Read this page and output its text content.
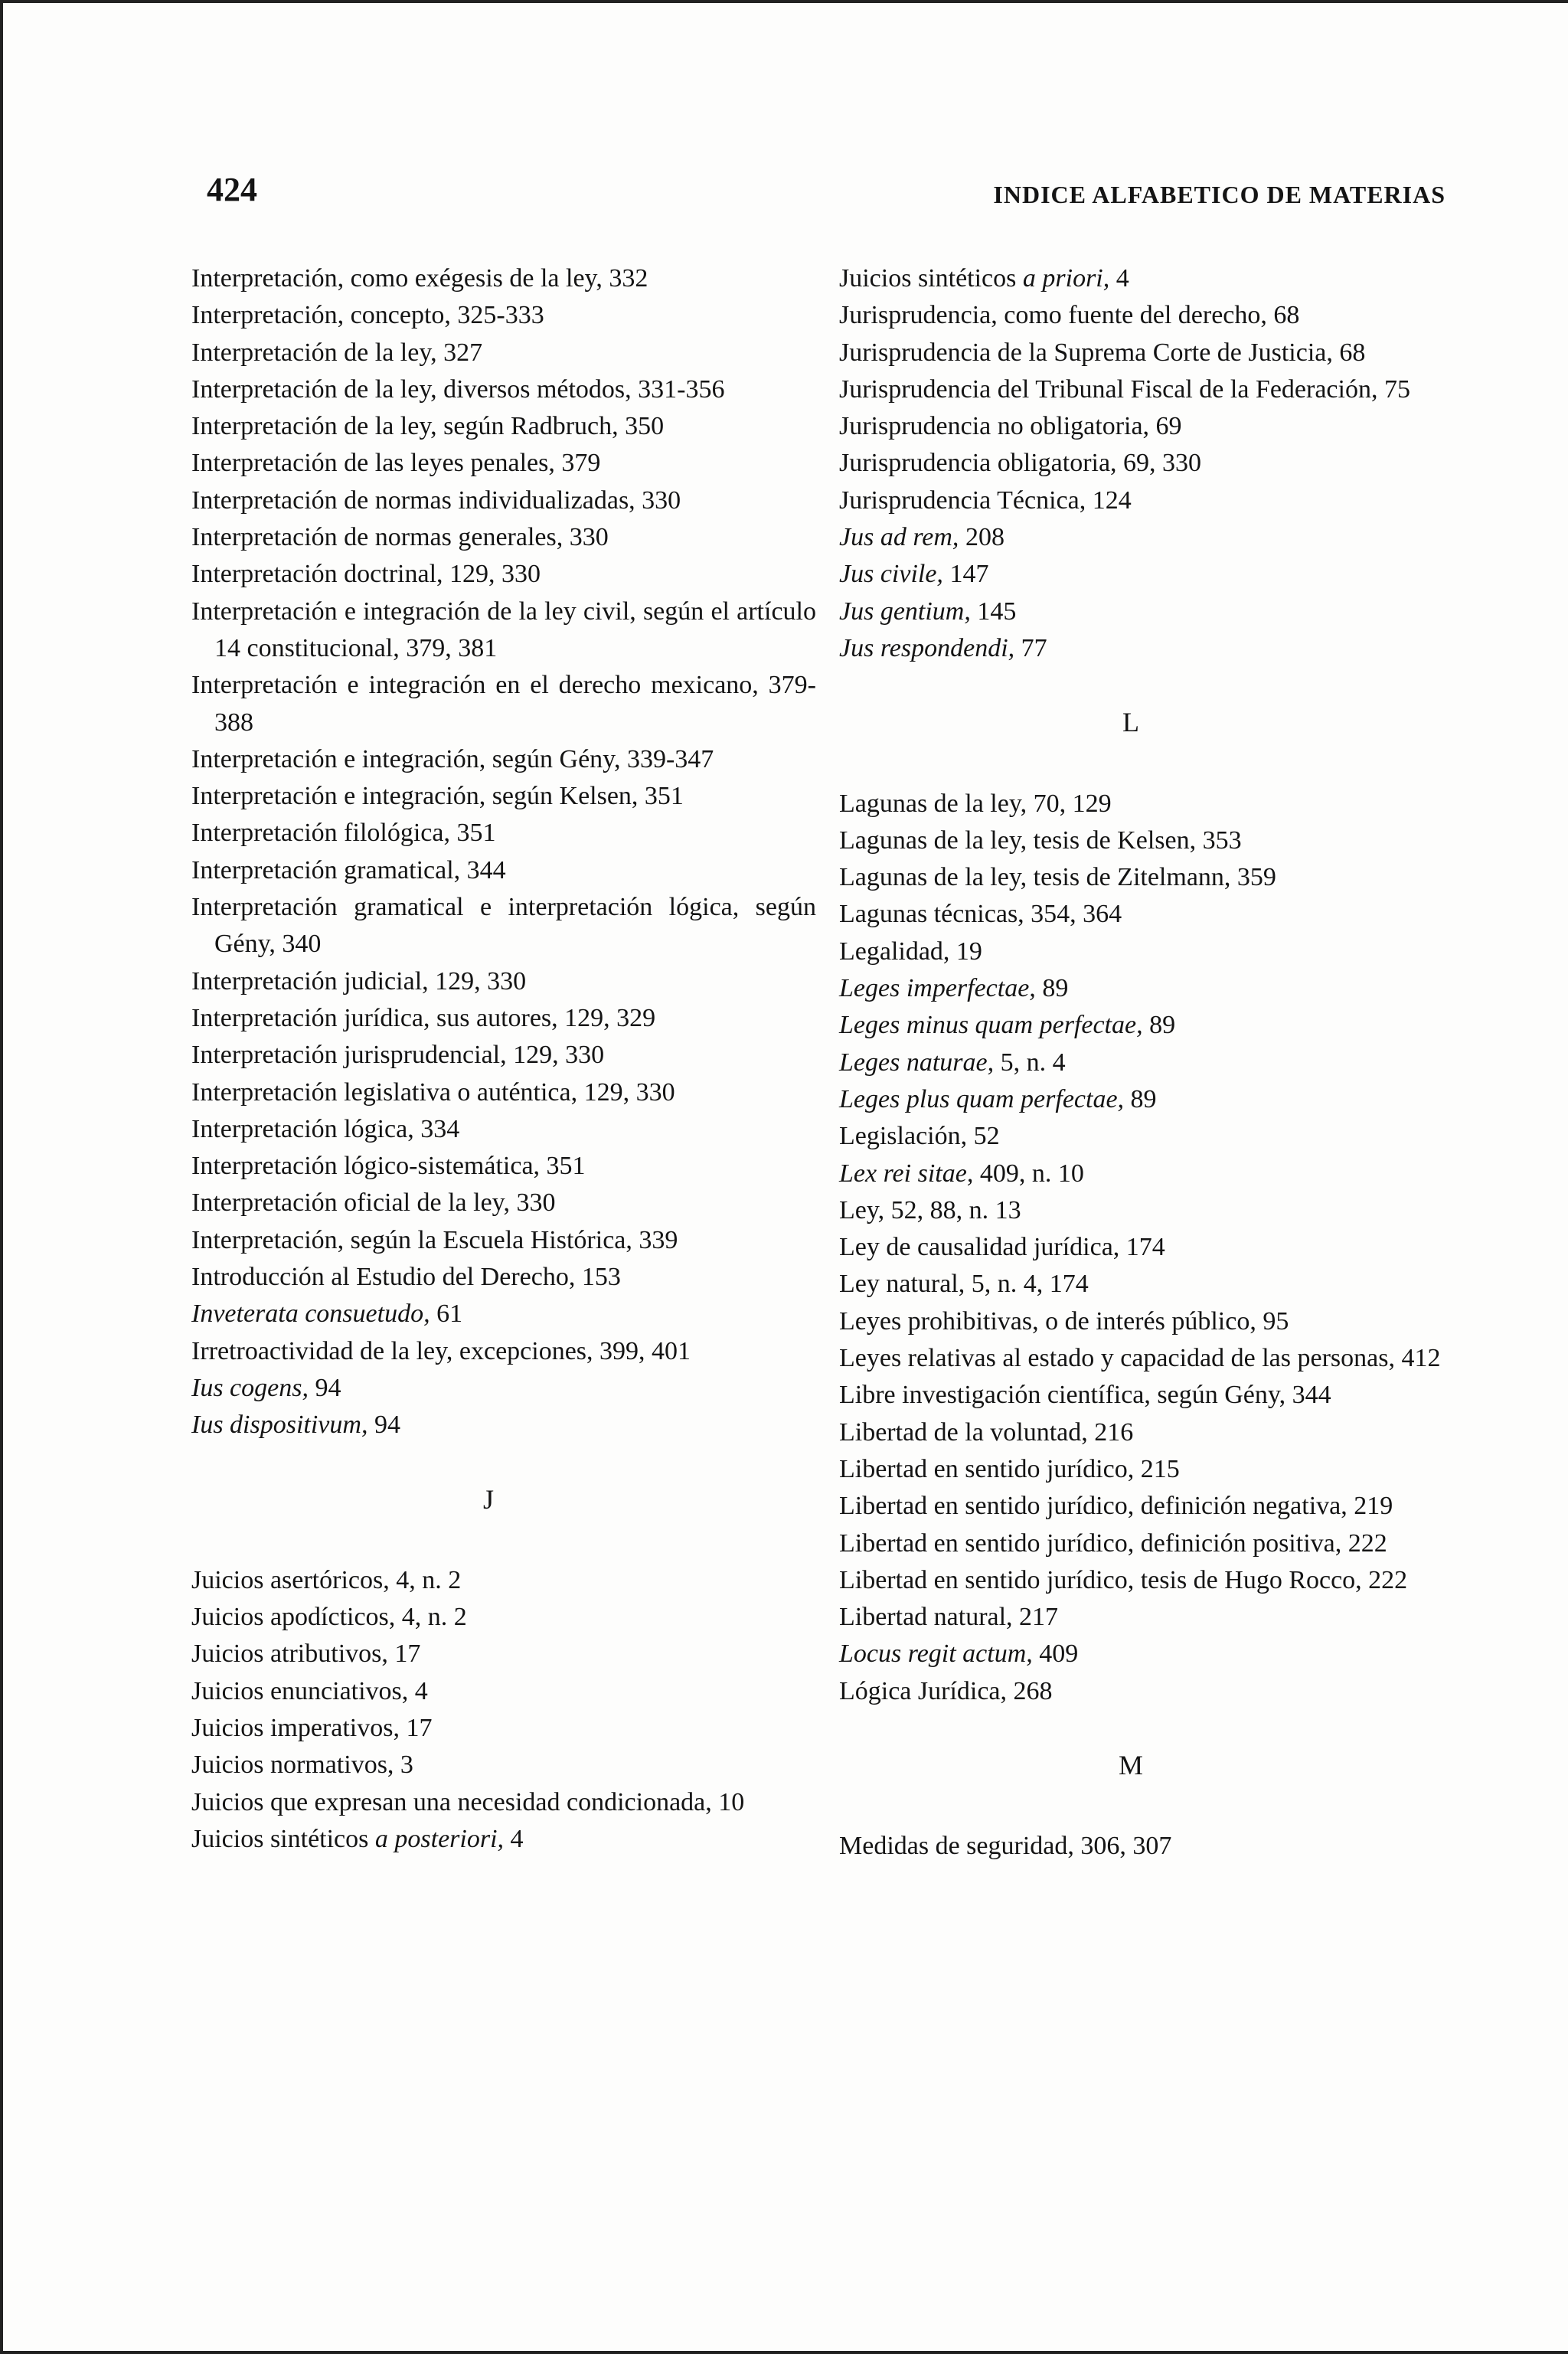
424	INDICE ALFABETICO DE MATERIAS

Interpretación, como exégesis de la ley, 332

Interpretación, concepto, 325-333

Interpretación de la ley, 327

Interpretación de la ley, diversos métodos, 331-356

Interpretación de la ley, según Radbruch, 350

Interpretación de las leyes penales, 379

Interpretación de normas individualizadas, 330

Interpretación de normas generales, 330

Interpretación doctrinal, 129, 330

Interpretación e integración de la ley civil, según el artículo 14 constitucional, 379, 381

Interpretación e integración en el derecho mexicano, 379-388

Interpretación e integración, según Gény, 339-347

Interpretación e integración, según Kelsen, 351

Interpretación filológica, 351

Interpretación gramatical, 344

Interpretación gramatical e interpretación lógica, según Gény, 340

Interpretación judicial, 129, 330

Interpretación jurídica, sus autores, 129, 329

Interpretación jurisprudencial, 129, 330

Interpretación legislativa o auténtica, 129, 330

Interpretación lógica, 334

Interpretación lógico-sistemática, 351

Interpretación oficial de la ley, 330

Interpretación, según la Escuela Histórica, 339

Introducción al Estudio del Derecho, 153

Inveterata consuetudo, 61

Irretroactividad de la ley, excepciones, 399, 401

Ius cogens, 94

Ius dispositivum, 94

J

Juicios asertóricos, 4, n. 2

Juicios apodícticos, 4, n. 2

Juicios atributivos, 17

Juicios enunciativos, 4

Juicios imperativos, 17

Juicios normativos, 3

Juicios que expresan una necesidad condicionada, 10

Juicios sintéticos a posteriori, 4

Juicios sintéticos a priori, 4

Jurisprudencia, como fuente del derecho, 68

Jurisprudencia de la Suprema Corte de Justicia, 68

Jurisprudencia del Tribunal Fiscal de la Federación, 75

Jurisprudencia no obligatoria, 69

Jurisprudencia obligatoria, 69, 330

Jurisprudencia Técnica, 124

Jus ad rem, 208

Jus civile, 147

Jus gentium, 145

Jus respondendi, 77

L

Lagunas de la ley, 70, 129

Lagunas de la ley, tesis de Kelsen, 353

Lagunas de la ley, tesis de Zitelmann, 359

Lagunas técnicas, 354, 364

Legalidad, 19

Leges imperfectae, 89

Leges minus quam perfectae, 89

Leges naturae, 5, n. 4

Leges plus quam perfectae, 89

Legislación, 52

Lex rei sitae, 409, n. 10

Ley, 52, 88, n. 13

Ley de causalidad jurídica, 174

Ley natural, 5, n. 4, 174

Leyes prohibitivas, o de interés público, 95

Leyes relativas al estado y capacidad de las personas, 412

Libre investigación científica, según Gény, 344

Libertad de la voluntad, 216

Libertad en sentido jurídico, 215

Libertad en sentido jurídico, definición negativa, 219

Libertad en sentido jurídico, definición positiva, 222

Libertad en sentido jurídico, tesis de Hugo Rocco, 222

Libertad natural, 217

Locus regit actum, 409

Lógica Jurídica, 268

M

Medidas de seguridad, 306, 307
